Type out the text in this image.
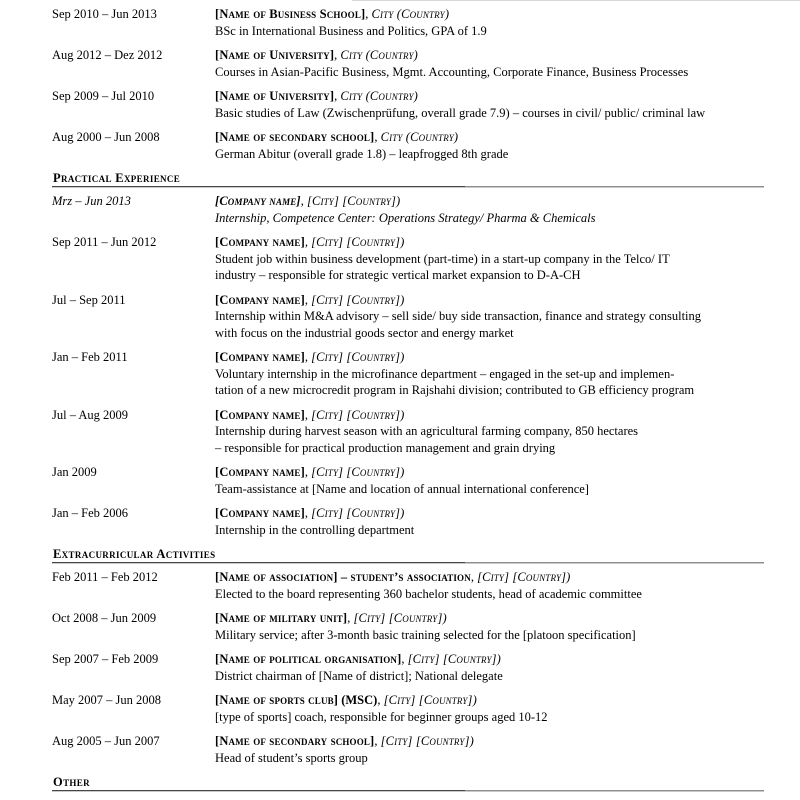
Sep 2010 – Jun 2013	[Name of Business School], City (Country)
BSc in International Business and Politics, GPA of 1.9
Aug 2012 – Dez 2012	[Name of University], City (Country)
Courses in Asian-Pacific Business, Mgmt. Accounting, Corporate Finance, Business Processes
Sep 2009 – Jul 2010	[Name of University], City (Country)
Basic studies of Law (Zwischenprüfung, overall grade 7.9) – courses in civil/ public/ criminal law
Aug 2000 – Jun 2008	[Name of secondary school], City (Country)
German Abitur (overall grade 1.8) – leapfrogged 8th grade
Practical Experience
Mrz – Jun 2013	[Company name], [City] [Country])
Internship, Competence Center: Operations Strategy/ Pharma & Chemicals
Sep 2011 – Jun 2012	[Company name], [City] [Country])
Student job within business development (part-time) in a start-up company in the Telco/ IT
industry – responsible for strategic vertical market expansion to D-A-CH
Jul – Sep 2011	[Company name], [City] [Country])
Internship within M&A advisory – sell side/ buy side transaction, finance and strategy consulting
with focus on the industrial goods sector and energy market
Jan – Feb 2011	[Company name], [City] [Country])
Voluntary internship in the microfinance department – engaged in the set-up and implemen-
tation of a new microcredit program in Rajshahi division; contributed to GB efficiency program
Jul – Aug 2009	[Company name], [City] [Country])
Internship during harvest season with an agricultural farming company, 850 hectares
– responsible for practical production management and grain drying
Jan 2009	[Company name], [City] [Country])
Team-assistance at [Name and location of annual international conference]
Jan – Feb 2006	[Company name], [City] [Country])
Internship in the controlling department
Extracurricular Activities
Feb 2011 – Feb 2012	[Name of association] – student’s association, [City] [Country])
Elected to the board representing 360 bachelor students, head of academic committee
Oct 2008 – Jun 2009	[Name of military unit], [City] [Country])
Military service; after 3-month basic training selected for the [platoon specification]
Sep 2007 – Feb 2009	[Name of political organisation], [City] [Country])
District chairman of [Name of district]; National delegate
May 2007 – Jun 2008	[Name of sports club] (MSC), [City] [Country])
[type of sports] coach, responsible for beginner groups aged 10-12
Aug 2005 – Jun 2007	[Name of secondary school], [City] [Country])
Head of student’s sports group
Other
